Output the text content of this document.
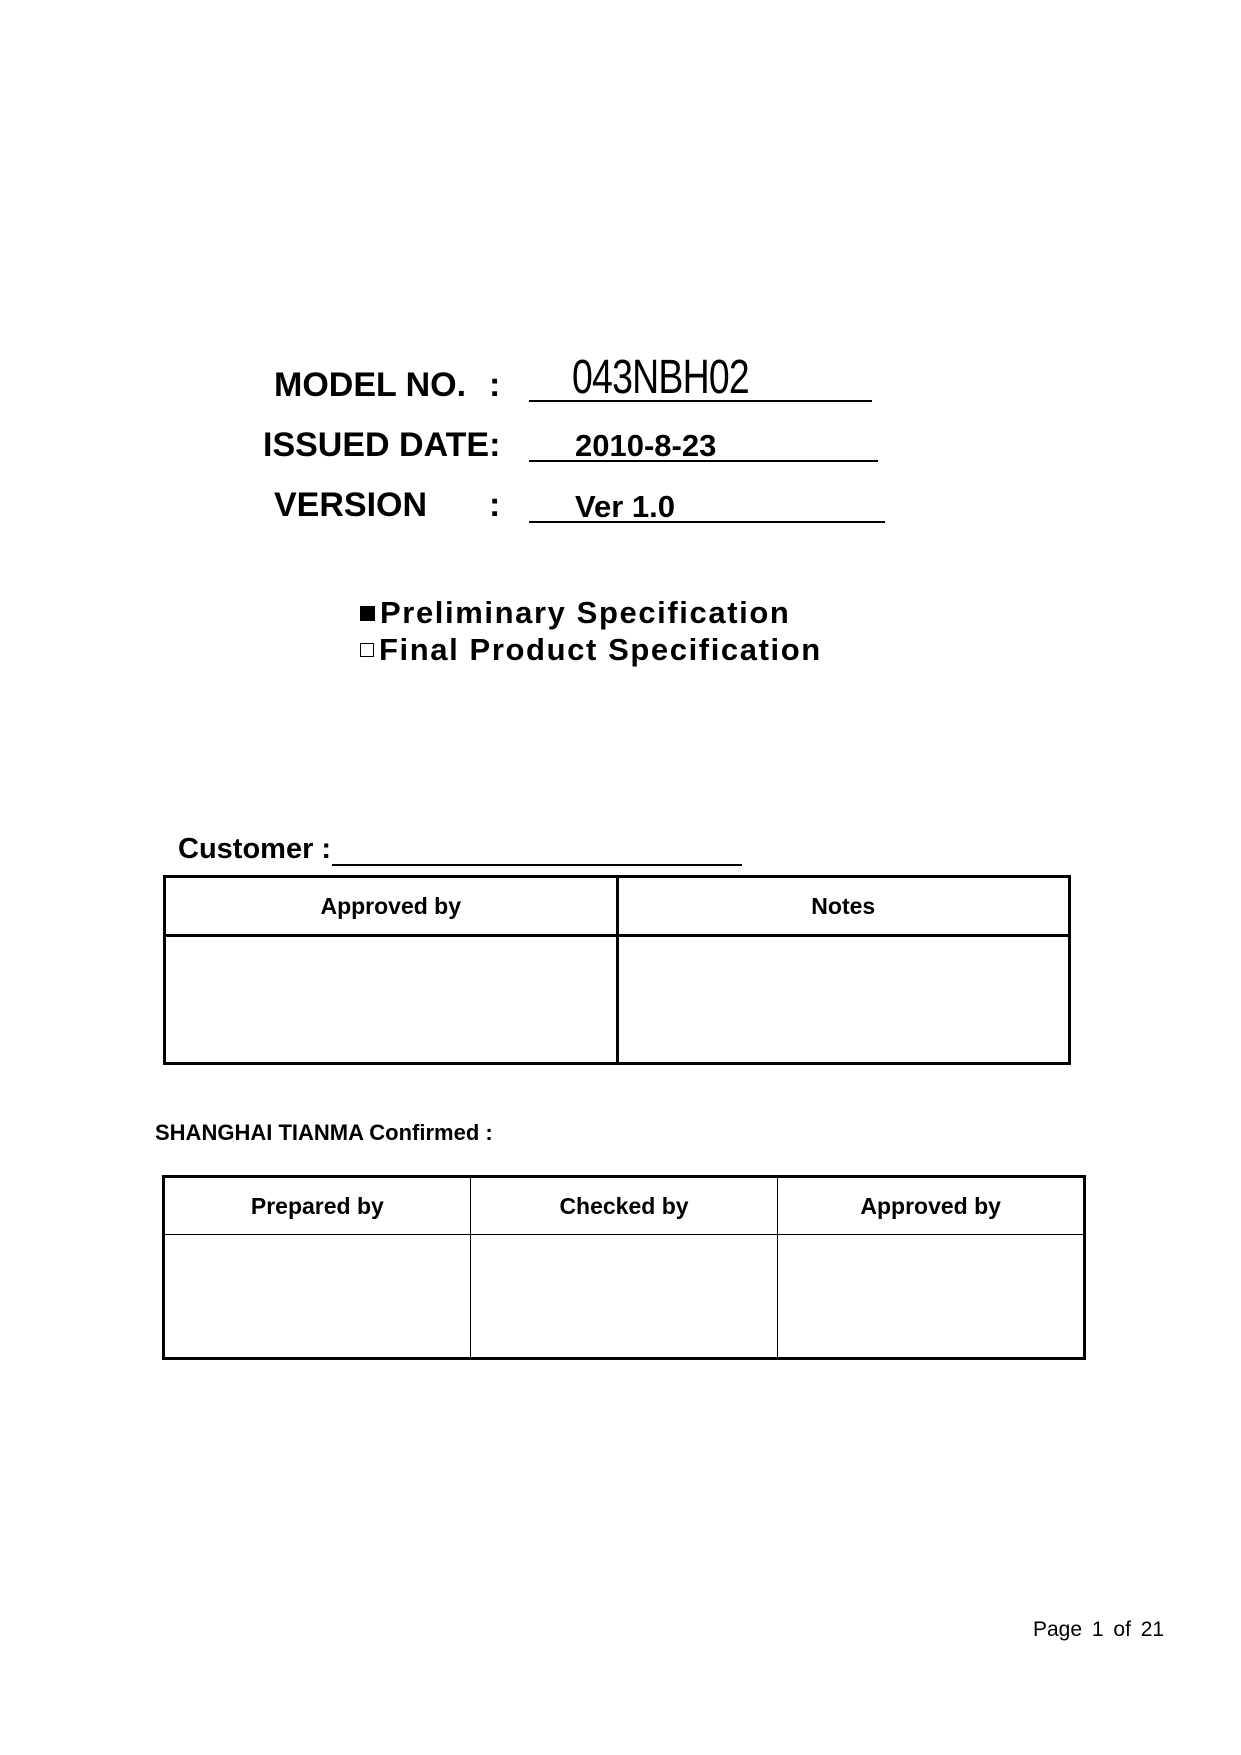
MODEL NO. : 043NBH02
ISSUED DATE: 2010-8-23
VERSION : Ver 1.0
Preliminary Specification
Final Product Specification
Customer :
Approved by	Notes

SHANGHAI TIANMA Confirmed :
Prepared by	Checked by	Approved by

Page 1 of 21
